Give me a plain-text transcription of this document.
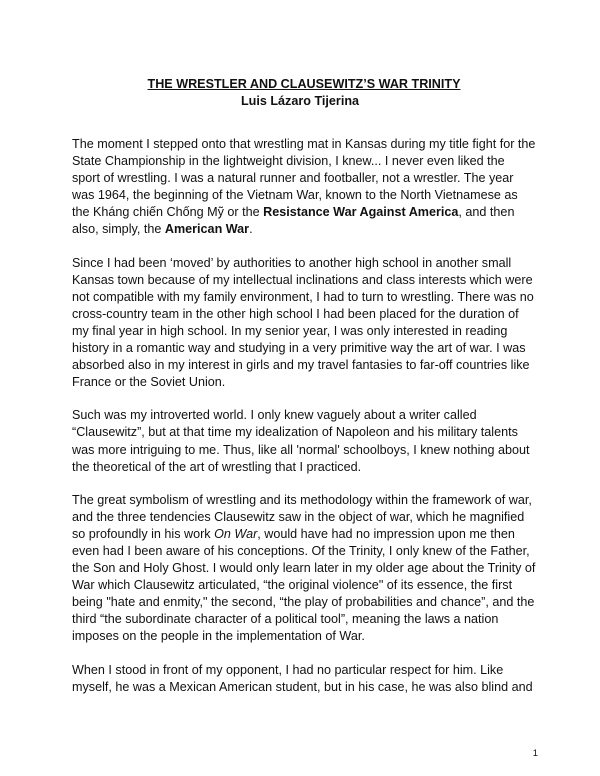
THE WRESTLER AND CLAUSEWITZ’S WAR TRINITY
Luis Lázaro Tijerina

The moment I stepped onto that wrestling mat in Kansas during my title fight for the State Championship in the lightweight division, I knew... I never even liked the sport of wrestling. I was a natural runner and footballer, not a wrestler. The year was 1964, the beginning of the Vietnam War, known to the North Vietnamese as the Kháng chiến Chống Mỹ or the Resistance War Against America, and then also, simply, the American War.

Since I had been ‘moved’ by authorities to another high school in another small Kansas town because of my intellectual inclinations and class interests which were not compatible with my family environment, I had to turn to wrestling. There was no cross-country team in the other high school I had been placed for the duration of my final year in high school. In my senior year, I was only interested in reading history in a romantic way and studying in a very primitive way the art of war. I was absorbed also in my interest in girls and my travel fantasies to far-off countries like France or the Soviet Union.

Such was my introverted world. I only knew vaguely about a writer called “Clausewitz”, but at that time my idealization of Napoleon and his military talents was more intriguing to me. Thus, like all 'normal' schoolboys, I knew nothing about the theoretical of the art of wrestling that I practiced.

The great symbolism of wrestling and its methodology within the framework of war, and the three tendencies Clausewitz saw in the object of war, which he magnified so profoundly in his work On War, would have had no impression upon me then even had I been aware of his conceptions. Of the Trinity, I only knew of the Father, the Son and Holy Ghost. I would only learn later in my older age about the Trinity of War which Clausewitz articulated, “the original violence" of its essence, the first being "hate and enmity," the second, “the play of probabilities and chance”, and the third “the subordinate character of a political tool”, meaning the laws a nation imposes on the people in the implementation of War.

When I stood in front of my opponent, I had no particular respect for him. Like myself, he was a Mexican American student, but in his case, he was also blind and

1
